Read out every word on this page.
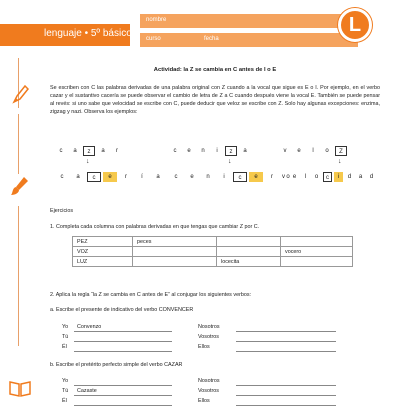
lenguaje • 5º básico
nombre
curso	fecha
L
Actividad: la Z se cambia en C antes de I o E
Se escriben con C las palabras derivadas de una palabra original con Z cuando a la vocal que sigue es E o I. Por ejemplo, en el verbo cazar y el sustantivo cacería se puede observar el cambio de letra de Z a C cuando después viene la vocal E. También se puede pensar al revés: si uno sabe que velocidad se escribe con C, puede deducir que veloz se escribe con Z. Solo hay algunas excepciones: enzima, zigzag y nazi. Observa los ejemplos:
c	a	z	a	r
↓
c	a	c	e	r	í	a
c	e	n	i	z	a
↓
c	e	n	i	c	e	r	o
v	e	l	o	Z
↓
v	e	l	o	c	i	d	a	d
Ejercicios
1. Completa cada columna con palabras derivadas en que tengas que cambiar Z por C.
PEZ	peces		
VOZ			vocero
LUZ		locecita	
2. Aplica la regla “la Z se cambia en C antes de E” al conjugar los siguientes verbos:
a. Escribe el presente de indicativo del verbo CONVENCER
Yo	Convenzo	Nosotros
Tú	Vosotros
Él	Ellos
b. Escribe el pretérito perfecto simple del verbo CAZAR
Yo	Nosotros
Tú	Cazaste	Vosotros
Él	Ellos
